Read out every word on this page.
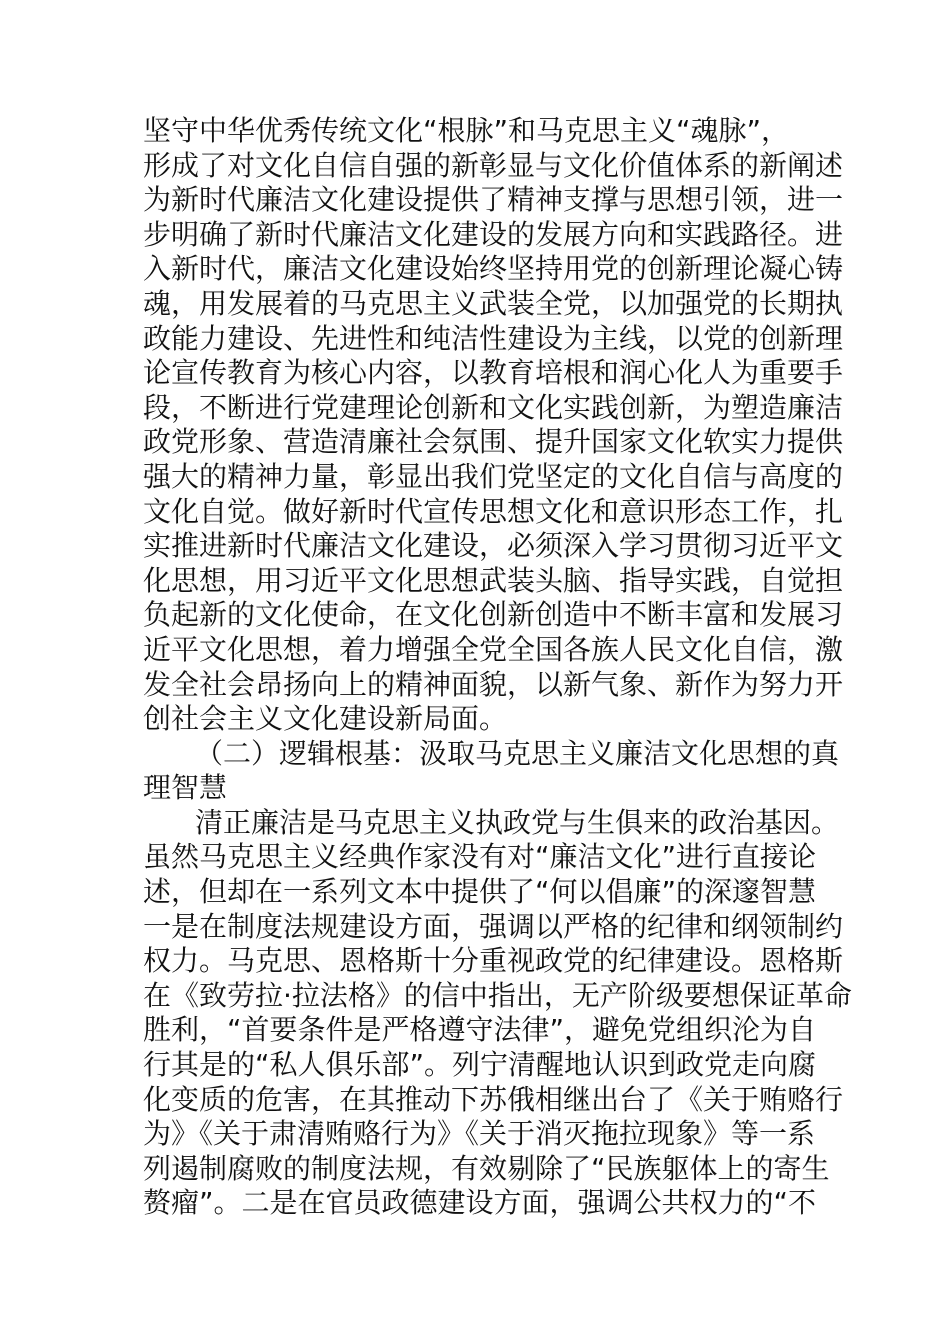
坚守中华优秀传统文化“根脉”和马克思主义“魂脉”，
形成了对文化自信自强的新彰显与文化价值体系的新阐述
为新时代廉洁文化建设提供了精神支撑与思想引领，进一
步明确了新时代廉洁文化建设的发展方向和实践路径。进
入新时代，廉洁文化建设始终坚持用党的创新理论凝心铸
魂，用发展着的马克思主义武装全党，以加强党的长期执
政能力建设、先进性和纯洁性建设为主线，以党的创新理
论宣传教育为核心内容，以教育培根和润心化人为重要手
段，不断进行党建理论创新和文化实践创新，为塑造廉洁
政党形象、营造清廉社会氛围、提升国家文化软实力提供
强大的精神力量，彰显出我们党坚定的文化自信与高度的
文化自觉。做好新时代宣传思想文化和意识形态工作，扎
实推进新时代廉洁文化建设，必须深入学习贯彻习近平文
化思想，用习近平文化思想武装头脑、指导实践，自觉担
负起新的文化使命，在文化创新创造中不断丰富和发展习
近平文化思想，着力增强全党全国各族人民文化自信，激
发全社会昂扬向上的精神面貌，以新气象、新作为努力开
创社会主义文化建设新局面。
（二）逻辑根基：汲取马克思主义廉洁文化思想的真
理智慧
清正廉洁是马克思主义执政党与生俱来的政治基因。
虽然马克思主义经典作家没有对“廉洁文化”进行直接论
述，但却在一系列文本中提供了“何以倡廉”的深邃智慧
一是在制度法规建设方面，强调以严格的纪律和纲领制约
权力。马克思、恩格斯十分重视政党的纪律建设。恩格斯
在《致劳拉·拉法格》的信中指出，无产阶级要想保证革命
胜利，“首要条件是严格遵守法律”，避免党组织沦为自
行其是的“私人俱乐部”。列宁清醒地认识到政党走向腐
化变质的危害，在其推动下苏俄相继出台了《关于贿赂行
为》《关于肃清贿赂行为》《关于消灭拖拉现象》等一系
列遏制腐败的制度法规，有效剔除了“民族躯体上的寄生
赘瘤”。二是在官员政德建设方面，强调公共权力的“不
